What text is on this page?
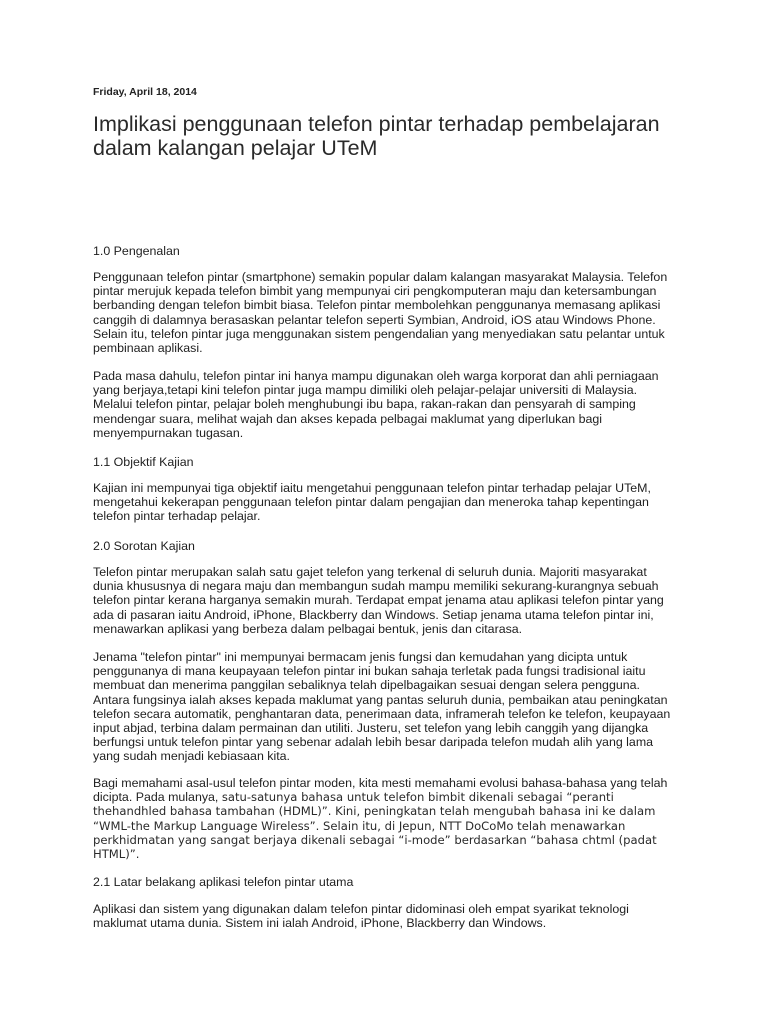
Friday, April 18, 2014
Implikasi penggunaan telefon pintar terhadap pembelajaran dalam kalangan pelajar UTeM
1.0 Pengenalan

Penggunaan telefon pintar (smartphone) semakin popular dalam kalangan masyarakat Malaysia. Telefon pintar merujuk kepada telefon bimbit yang mempunyai ciri pengkomputeran maju dan ketersambungan berbanding dengan telefon bimbit biasa. Telefon pintar membolehkan penggunanya memasang aplikasi canggih di dalamnya berasaskan pelantar telefon seperti Symbian, Android, iOS atau Windows Phone. Selain itu, telefon pintar juga menggunakan sistem pengendalian yang menyediakan satu pelantar untuk pembinaan aplikasi.

Pada masa dahulu, telefon pintar ini hanya mampu digunakan oleh warga korporat dan ahli perniagaan yang berjaya,tetapi kini telefon pintar juga mampu dimiliki oleh pelajar-pelajar universiti di Malaysia. Melalui telefon pintar, pelajar boleh menghubungi ibu bapa, rakan-rakan dan pensyarah di samping mendengar suara, melihat wajah dan akses kepada pelbagai maklumat yang diperlukan bagi menyempurnakan tugasan.

1.1 Objektif Kajian

Kajian ini mempunyai tiga objektif iaitu mengetahui penggunaan telefon pintar terhadap pelajar UTeM, mengetahui kekerapan penggunaan telefon pintar dalam pengajian dan meneroka tahap kepentingan telefon pintar terhadap pelajar.

2.0 Sorotan Kajian

Telefon pintar merupakan salah satu gajet telefon yang terkenal di seluruh dunia. Majoriti masyarakat dunia khususnya di negara maju dan membangun sudah mampu memiliki sekurang-kurangnya sebuah telefon pintar kerana harganya semakin murah. Terdapat empat jenama atau aplikasi telefon pintar yang ada di pasaran iaitu Android, iPhone, Blackberry dan Windows. Setiap jenama utama telefon pintar ini, menawarkan aplikasi yang berbeza dalam pelbagai bentuk, jenis dan citarasa.

Jenama "telefon pintar" ini mempunyai bermacam jenis fungsi dan kemudahan yang dicipta untuk penggunanya di mana keupayaan telefon pintar ini bukan sahaja terletak pada fungsi tradisional iaitu membuat dan menerima panggilan sebaliknya telah dipelbagaikan sesuai dengan selera pengguna. Antara fungsinya ialah akses kepada maklumat yang pantas seluruh dunia, pembaikan atau peningkatan telefon secara automatik, penghantaran data, penerimaan data, inframerah telefon ke telefon, keupayaan input abjad, terbina dalam permainan dan utiliti. Justeru, set telefon yang lebih canggih yang dijangka berfungsi untuk telefon pintar yang sebenar adalah lebih besar daripada telefon mudah alih yang lama yang sudah menjadi kebiasaan kita.

Bagi memahami asal-usul telefon pintar moden, kita mesti memahami evolusi bahasa-bahasa yang telah dicipta. Pada mulanya, satu-satunya bahasa untuk telefon bimbit dikenali sebagai “peranti thehandhled bahasa tambahan (HDML)”. Kini, peningkatan telah mengubah bahasa ini ke dalam “WML-the Markup Language Wireless”. Selain itu, di Jepun, NTT DoCoMo telah menawarkan perkhidmatan yang sangat berjaya dikenali sebagai “i-mode” berdasarkan “bahasa chtml (padat HTML)”.

2.1 Latar belakang aplikasi telefon pintar utama

Aplikasi dan sistem yang digunakan dalam telefon pintar didominasi oleh empat syarikat teknologi maklumat utama dunia. Sistem ini ialah Android, iPhone, Blackberry dan Windows.
